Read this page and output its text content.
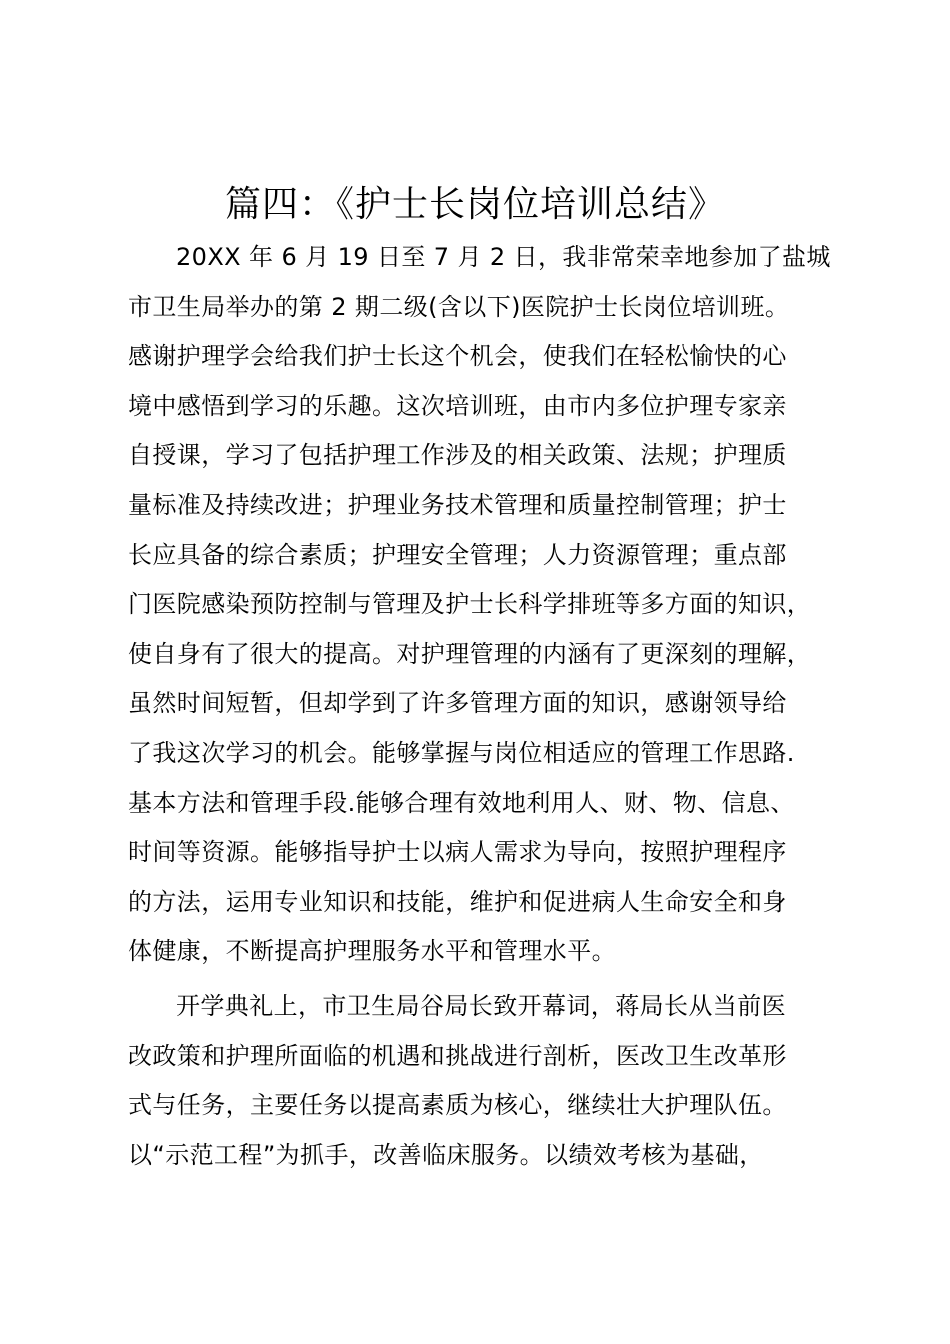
篇四：《护士长岗位培训总结》
20XX 年 6 月 19 日至 7 月 2 日，我非常荣幸地参加了盐城
市卫生局举办的第 2 期二级(含以下)医院护士长岗位培训班。
感谢护理学会给我们护士长这个机会，使我们在轻松愉快的心
境中感悟到学习的乐趣。这次培训班，由市内多位护理专家亲
自授课，学习了包括护理工作涉及的相关政策、法规；护理质
量标准及持续改进；护理业务技术管理和质量控制管理；护士
长应具备的综合素质；护理安全管理；人力资源管理；重点部
门医院感染预防控制与管理及护士长科学排班等多方面的知识，
使自身有了很大的提高。对护理管理的内涵有了更深刻的理解，
虽然时间短暂，但却学到了许多管理方面的知识，感谢领导给
了我这次学习的机会。能够掌握与岗位相适应的管理工作思路.
基本方法和管理手段.能够合理有效地利用人、财、物、信息、
时间等资源。能够指导护士以病人需求为导向，按照护理程序
的方法，运用专业知识和技能，维护和促进病人生命安全和身
体健康，不断提高护理服务水平和管理水平。
开学典礼上，市卫生局谷局长致开幕词，蒋局长从当前医
改政策和护理所面临的机遇和挑战进行剖析，医改卫生改革形
式与任务，主要任务以提高素质为核心，继续壮大护理队伍。
以“示范工程”为抓手，改善临床服务。以绩效考核为基础，
